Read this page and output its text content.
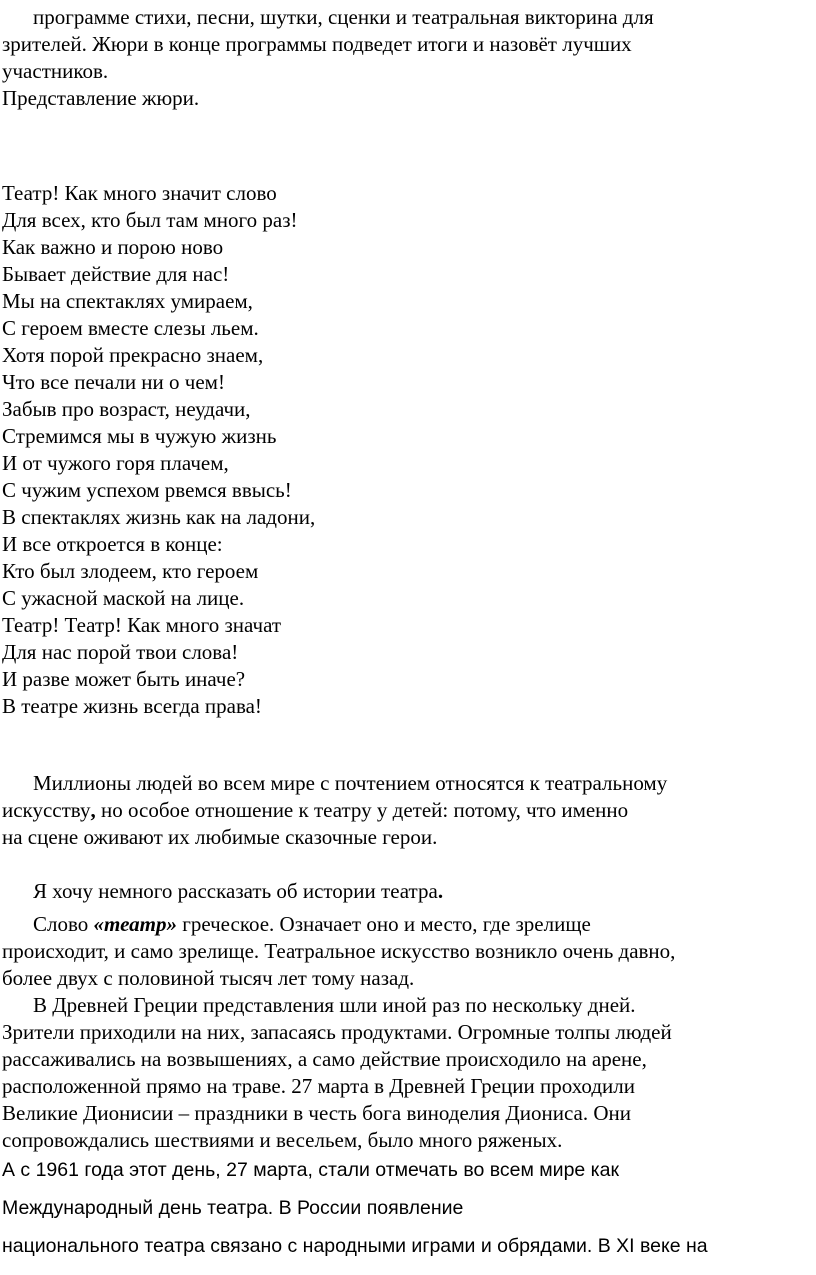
программе стихи, песни, шутки, сценки и театральная викторина для
зрителей. Жюри в конце программы подведет итоги и назовёт лучших
участников.
Представление жюри.
Театр! Как много значит слово
Для всех, кто был там много раз!
Как важно и порою ново
Бывает действие для нас!
Мы на спектаклях умираем,
С героем вместе слезы льем.
Хотя порой прекрасно знаем,
Что все печали ни о чем!
Забыв про возраст, неудачи,
Стремимся мы в чужую жизнь
И от чужого горя плачем,
С чужим успехом рвемся ввысь!
В спектаклях жизнь как на ладони,
И все откроется в конце:
Кто был злодеем, кто героем
С ужасной маской на лице.
Театр! Театр! Как много значат
Для нас порой твои слова!
И разве может быть иначе?
В театре жизнь всегда права!
Миллионы людей во всем мире с почтением относятся к театральному
искусству, но особое отношение к театру у детей: потому, что именно
на сцене оживают их любимые сказочные герои.
Я хочу немного рассказать об истории театра.
Слово «театр» греческое. Означает оно и место, где зрелище
происходит, и само зрелище. Театральное искусство возникло очень давно,
более двух с половиной тысяч лет тому назад.
В Древней Греции представления шли иной раз по нескольку дней.
Зрители приходили на них, запасаясь продуктами. Огромные толпы людей
рассаживались на возвышениях, а само действие происходило на арене,
расположенной прямо на траве. 27 марта в Древней Греции проходили
Великие Дионисии – праздники в честь бога виноделия Диониса. Они
сопровождались шествиями и весельем, было много ряженых.
А с 1961 года этот день, 27 марта, стали отмечать во всем мире как
Международный день театра. В России появление
национального театра связано с народными играми и обрядами. В XI веке на
